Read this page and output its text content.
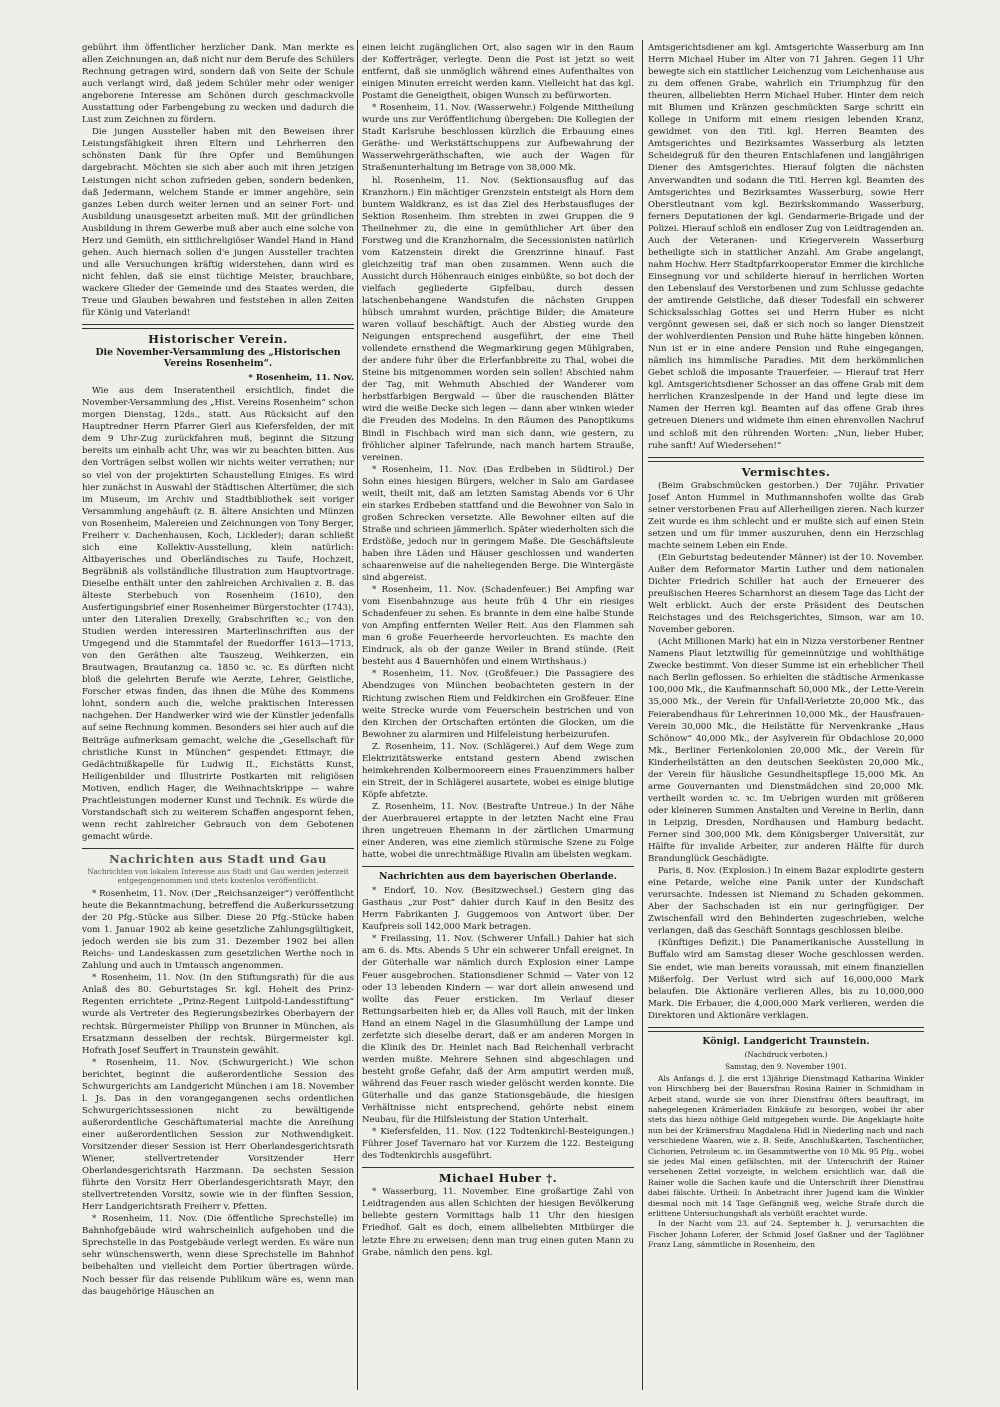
gebührt ihm öffentlicher herzlicher Dank. Man merkte es allen Zeichnungen an, daß nicht nur dem Berufe des Schülers Rechnung getragen wird, sondern daß von Seite der Schule auch verlangt wird, daß jedem Schüler mehr oder weniger angeborene Interesse am Schönen durch geschmackvolle Ausstattung oder Farbengebung zu wecken und dadurch die Lust zum Zeichnen zu fördern.

Die jungen Aussteller haben mit den Beweisen ihrer Leistungsfähigkeit ihren Eltern und Lehrherren den schönsten Dank für ihre Opfer und Bemühungen dargebracht. Möchten sie sich aber auch mit ihren jetzigen Leistungen nicht schon zufrieden geben, sondern bedenken, daß Jedermann, welchem Stande er immer angehöre, sein ganzes Leben durch weiter lernen und an seiner Fort- und Ausbildung unausgesetzt arbeiten muß. Mit der gründlichen Ausbildung in ihrem Gewerbe muß aber auch eine solche von Herz und Gemüth, ein sittlichreligiöser Wandel Hand in Hand gehen. Auch hiernach sollen d'e jungen Aussteller trachten und alle Versuchungen kräftig widerstehen, dann wird es nicht fehlen, daß sie einst tüchtige Meister, brauchbare, wackere Glieder der Gemeinde und des Staates werden, die Treue und Glauben bewahren und feststehen in allen Zeiten für König und Vaterland!

Historischer Verein.
Die November-Versammlung des „Historischen Vereins Rosenheim“.
* Rosenheim, 11. Nov.

Wie aus dem Inseratentheil ersichtlich, findet die November-Versammlung des „Hist. Vereins Rosenheim“ schon morgen Dienstag, 12ds., statt. Aus Rücksicht auf den Hauptredner Herrn Pfarrer Gierl aus Kiefersfelden, der mit dem 9 Uhr-Zug zurückfahren muß, beginnt die Sitzung bereits um einhalb acht Uhr, was wir zu beachten bitten. Aus den Vorträgen selbst wollen wir nichts weiter verrathen; nur so viel von der projektirten Schaustellung Einiges. Es wird hier zunächst in Auswahl der Städtischen Altertümer, die sich im Museum, im Archiv und Stadtbibliothek seit voriger Versammlung angehäuft (z. B. ältere Ansichten und Münzen von Rosenheim, Malereien und Zeichnungen von Tony Berger, Freiherr v. Dachenhausen, Koch, Lickleder); daran schließt sich eine Kollektiv-Ausstellung, klein natürlich: Altbayerisches und Oberländisches zu Taufe, Hochzeit, Begräbniß als vollständliche Illustration zum Hauptvortrage. Dieselbe enthält unter den zahlreichen Archivalien z. B. das älteste Sterbebuch von Rosenheim (1610), den Ausfertigungsbrief einer Rosenheimer Bürgerstochter (1743), unter den Literalien Drexelly, Grabschriften ꝛc.; von den Studien werden interessiren Marterlinschriften aus der Umgegend und die Stammtafel der Ruedorffer 1613—1713, von den Geräthen alte Tauszeug, Weihkerzen, ein Brautwagen, Brautanzug ca. 1850 ꝛc. ꝛc. Es dürften nicht bloß die gelehrten Berufe wie Aerzte, Lehrer, Geistliche, Forscher etwas finden, das ihnen die Mühe des Kommens lohnt, sondern auch die, welche praktischen Interessen nachgehen. Der Handwerker wird wie der Künstler jedenfalls auf seine Rechnung kommen. Besonders sei hier auch auf die Beiträge aufmerksam gemacht, welche die „Gesellschaft für christliche Kunst in München“ gespendet: Ettmayr, die Gedächtnißkapelle für Ludwig II., Eichstätts Kunst, Heiligenbilder und Illustrirte Postkarten mit religiösen Motiven, endlich Hager, die Weihnachtskrippe — wahre Prachtleistungen moderner Kunst und Technik. Es würde die Vorstandschaft sich zu weiterem Schaffen angespornt fehen, wenn recht zahlreicher Gebrauch von dem Gebotenen gemacht würde.

Nachrichten aus Stadt und Gau
Nachrichten von lokalem Interesse aus Stadt und Gau werden jederzeit entgegengenommen und stets kostenlos veröffentlicht.

* Rosenheim, 11. Nov. (Der „Reichsanzeiger“) veröffentlicht heute die Bekanntmachung, betreffend die Außerkurssetzung der 20 Pfg.-Stücke aus Silber. Diese 20 Pfg.-Stücke haben vom 1. Januar 1902 ab keine gesetzliche Zahlungsgültigkeit, jedoch werden sie bis zum 31. Dezember 1902 bei allen Reichs- und Landeskassen zum gesetzlichen Werthe noch in Zahlung und auch in Umtausch angenommen.

* Rosenheim, 11. Nov. (In den Stiftungsrath) für die aus Anlaß des 80. Geburtstages Sr. kgl. Hoheit des Prinz-Regenten errichtete „Prinz-Regent Luitpold-Landesstiftung“ wurde als Vertreter des Regierungsbezirkes Oberbayern der rechtsk. Bürgermeister Philipp von Brunner in München, als Ersatzmann desselben der rechtsk. Bürgermeister kgl. Hofrath Josef Seuffert in Traunstein gewählt.

* Rosenheim, 11. Nov. (Schwurgericht.) Wie schon berichtet, beginnt die außerordentliche Session des Schwurgerichts am Landgericht München i am 18. November l. Js. Das in den vorangegangenen sechs ordentlichen Schwurgerichtssessionen nicht zu bewältigende außerordentliche Geschäftsmaterial machte die Anreihung einer außerordentlichen Session zur Nothwendigkeit. Vorsitzender dieser Session ist Herr Oberlandesgerichtsrath Wiener, stellvertretender Vorsitzender Herr Oberlandesgerichtsrath Harzmann. Da sechsten Session führte den Vorsitz Herr Oberlandesgerichtsrath Mayr, den stellvertretenden Vorsitz, sowie wie in der fünften Session, Herr Landgerichtsrath Freiherr v. Pfetten.

* Rosenheim, 11. Nov. (Die öffentliche Sprechstelle) im Bahnhofgebäude wird wahrscheinlich aufgehoben und die Sprechstelle in das Postgebäude verlegt werden. Es wäre nun sehr wünschenswerth, wenn diese Sprechstelle im Bahnhof beibehalten und vielleicht dem Portier übertragen würde. Noch besser für das reisende Publikum wäre es, wenn man das baugehörige Häuschen an

einen leicht zugänglichen Ort, also sagen wir in den Raum der Kofferträger, verlegte. Denn die Post ist jetzt so weit entfernt, daß sie unmöglich während eines Aufenthaltes von einigen Minuten erreicht werden kann. Vielleicht hat das kgl. Postamt die Geneigtheit, obigen Wunsch zu befürworten.

* Rosenheim, 11. Nov. (Wasserwehr.) Folgende Mittheilung wurde uns zur Veröffentlichung übergeben: Die Kollegien der Stadt Karlsruhe beschlossen kürzlich die Erbauung eines Geräthe- und Werkstättschuppens zur Aufbewahrung der Wasserwehrgeräthschaften, wie auch der Wagen für Straßenunterhaltung im Betrage von 38,000 Mk.

hl. Rosenheim, 11. Nov. (Sektionsausflug auf das Kranzhorn.) Ein mächtiger Grenzstein entsteigt als Horn dem buntem Waldkranz, es ist das Ziel des Herbstausfluges der Sektion Rosenheim. Ihm strebten in zwei Gruppen die 9 Theilnehmer zu, die eine in gemüthlicher Art über den Forstweg und die Kranzhornalm, die Secessionisten natürlich vom Katzenstein direkt die Grenzrinne hinauf. Fast gleichzeitig traf man oben zusammen. Wenn auch die Aussicht durch Höhenrauch einiges einbüßte, so bot doch der vielfach gegliederte Gipfelbau, durch dessen latschenbehangene Wandstufen die nächsten Gruppen hübsch umrahmt wurden, prächtige Bilder; die Amateure waren vollauf beschäftigt. Auch der Abstieg wurde den Neigungen entsprechend ausgeführt, der eine Theil vollendete ernsthend die Wegmarkirung gegen Mühlgraben, der andere fuhr über die Erlerfanbbreite zu Thal, wobei die Steine bis mitgenommen worden sein sollen! Abschied nahm der Tag, mit Wehmuth Abschied der Wanderer vom herbstfarbigen Bergwald — über die rauschenden Blätter wird die weiße Decke sich legen — dann aber winken wieder die Freuden des Modelns. In den Räumen des Panoptikums Bindl in Fischbach wird man sich dann, wie gestern, zu fröhlicher alpiner Tafelrunde, nach manch hartem Strauße, vereinen.

* Rosenheim, 11. Nov. (Das Erdbeben in Südtirol.) Der Sohn eines hiesigen Bürgers, welcher in Salo am Gardasee weilt, theilt mit, daß am letzten Samstag Abends vor 6 Uhr ein starkes Erdbeben stattfand und die Bewohner von Salo in großen Schrecken versetzte. Alle Bewohner eilten auf die Straße und schrieen jämmerlich. Später wiederholten sich die Erdstöße, jedoch nur in geringem Maße. Die Geschäftsleute haben ihre Läden und Häuser geschlossen und wanderten schaarenweise auf die naheliegenden Berge. Die Wintergäste sind abgereist.

* Rosenheim, 11. Nov. (Schadenfeuer.) Bei Ampfing war vom Eisenbahnzuge aus heute früh 4 Uhr ein riesiges Schadenfeuer zu sehen. Es brannte in dem eine halbe Stunde von Ampfing entfernten Weiler Reit. Aus den Flammen sah man 6 große Feuerheerde hervorleuchten. Es machte den Eindruck, als ob der ganze Weiler in Brand stünde. (Reit besteht aus 4 Bauernhöfen und einem Wirthshaus.)

* Rosenheim, 11. Nov. (Großfeuer.) Die Passagiere des Abendzuges von München beobachteten gestern in der Richtung zwischen Riem und Feldkirchen ein Großfeuer. Eine weite Strecke wurde vom Feuerschein bestrichen und von den Kirchen der Ortschaften ertönten die Glocken, um die Bewohner zu alarmiren und Hilfeleistung herbeizurufen.

Z. Rosenheim, 11. Nov. (Schlägerei.) Auf dem Wege zum Elektrizitätswerke entstand gestern Abend zwischen heimkehrenden Kolbermooreern eines Frauenzimmers halber ein Streit, der in Schlägerei ausartete, wobei es einige blutige Köpfe abfetzte.

Z. Rosenheim, 11. Nov. (Bestrafte Untreue.) In der Nähe der Auerbrauerei ertappte in der letzten Nacht eine Frau ihren ungetreuen Ehemann in der zärtlichen Umarmung einer Anderen, was eine ziemlich stürmische Szene zu Folge hatte, wobei die unrechtmäßige Rivalin am übelsten wegkam.

Nachrichten aus dem bayerischen Oberlande.

* Endorf, 10. Nov. (Besitzwechsel.) Gestern ging das Gasthaus „zur Post“ dahier durch Kauf in den Besitz des Herrn Fabrikanten J. Guggemoos von Antwort über. Der Kaufpreis soll 142,000 Mark betragen.

* Freilassing, 11. Nov. (Schwerer Unfall.) Dahier hat sich am 6. ds. Mts. Abends 5 Uhr ein schwerer Unfall ereignet. In der Güterhalle war nämlich durch Explosion einer Lampe Feuer ausgebrochen. Stationsdiener Schmid — Vater von 12 oder 13 lebenden Kindern — war dort allein anwesend und wollte das Feuer ersticken. Im Verlauf dieser Rettungsarbeiten hieb er, da Alles voll Rauch, mit der linken Hand an einem Nagel in die Glasumhüllung der Lampe und zerfetzte sich dieselbe derart, daß er am anderen Morgen in die Klinik des Dr. Heinlet nach Bad Reichenhall verbracht werden mußte. Mehrere Sehnen sind abgeschlagen und besteht große Gefahr, daß der Arm amputirt werden muß, während das Feuer rasch wieder gelöscht werden konnte. Die Güterhalle und das ganze Stationsgebäude, die hiesigen Verhältnisse nicht entsprechend, gehörte nebst einem Neubau, für die Hilfsleistung der Station Unterhalt.

* Kiefersfelden, 11. Nov. (122 Todtenkirchl-Besteigungen.) Führer Josef Tavernaro hat vor Kurzem die 122. Besteigung des Todtenkirchls ausgeführt.

Michael Huber †.

* Wasserburg, 11. November. Eine großartige Zahl von Leidtragenden aus allen Schichten der hiesigen Bevölkerung beliebte gestern Vormittags halb 11 Uhr den hiesigen Friedhof. Galt es doch, einem allbeliebten Mitbürger die letzte Ehre zu erweisen; denn man trug einen guten Mann zu Grabe, nämlich den pens. kgl.

Amtsgerichtsdiener am kgl. Amtsgerichte Wasserburg am Inn Herrn Michael Huber im Alter von 71 Jahren. Gegen 11 Uhr bewegte sich ein stattlicher Leichenzug vom Leichenhause aus zu dem offenen Grabe, wahrlich ein Triumphzug für den theuren, allbeliebten Herrn Michael Huber. Hinter dem reich mit Blumen und Kränzen geschmückten Sarge schritt ein Kollege in Uniform mit einem riesigen lebenden Kranz, gewidmet von den Titl. kgl. Herren Beamten des Amtsgerichtes und Bezirksamtes Wasserburg als letzten Scheidegruß für den theuren Entschlafenen und langjährigen Diener des Amtsgerichtes. Hierauf folgten die nächsten Anverwandten und sodann die Titl. Herren kgl. Beamten des Amtsgerichtes und Bezirksamtes Wasserburg, sowie Herr Oberstleutnant vom kgl. Bezirkskommando Wasserburg, ferners Deputationen der kgl. Gendarmerie-Brigade und der Polizei. Hierauf schloß ein endloser Zug von Leidtragenden an. Auch der Veteranen- und Kriegerverein Wasserburg betheiligte sich in stattlicher Anzahl. Am Grabe angelangt, nahm Hochw. Herr Stadtpfarrkooperator Emmer die kirchliche Einsegnung vor und schilderte hierauf in herrlichen Worten den Lebenslauf des Verstorbenen und zum Schlusse gedachte der amtirende Geistliche, daß dieser Todesfall ein schwerer Schicksalsschlag Gottes sei und Herrn Huber es nicht vergönnt gewesen sei, daß er sich noch so langer Dienstzeit der wohlverdienten Pension und Ruhe hätte hingeben können. Nun ist er in eine andere Pension und Ruhe eingegangen, nämlich ins himmlische Paradies. Mit dem herkömmlichen Gebet schloß die imposante Trauerfeier. — Hierauf trat Herr kgl. Amtsgerichtsdiener Schosser an das offene Grab mit dem herrlichen Kranzeslpende in der Hand und legte diese im Namen der Herren kgl. Beamten auf das offene Grab ihres getreuen Dieners und widmete ihm einen ehrenvollen Nachruf und schloß mit den rührenden Worten: „Nun, lieber Huber, ruhe sanft! Auf Wiedersehen!“

Vermischtes.

(Beim Grabschmücken gestorben.) Der 70jähr. Privatier Josef Anton Hummel in Muthmannshofen wollte das Grab seiner verstorbenen Frau auf Allerheiligen zieren. Nach kurzer Zeit wurde es ihm schlecht und er mußte sich auf einen Stein setzen und um für immer auszuruhen, denn ein Herzschlag machte seinem Leben ein Ende.

(Ein Geburtstag bedeutender Männer) ist der 10. November. Außer dem Reformator Martin Luther und dem nationalen Dichter Friedrich Schiller hat auch der Erneuerer des preußischen Heeres Scharnhorst an diesem Tage das Licht der Welt erblickt. Auch der erste Präsident des Deutschen Reichstages und des Reichsgerichtes, Simson, war am 10. November geboren.

(Acht Millionen Mark) hat ein in Nizza verstorbener Rentner Namens Plaut letztwillig für gemeinnützige und wohlthätige Zwecke bestimmt. Von dieser Summe ist ein erheblicher Theil nach Berlin geflossen. So erhielten die städtische Armenkasse 100,000 Mk., die Kaufmannschaft 50,000 Mk., der Lette-Verein 35,000 Mk., der Verein für Unfall-Verletzte 20,000 Mk., das Feierabendhaus für Lehrerinnen 10,000 Mk., der Hausfrauen-Verein 30,000 Mk., die Heilstätte für Nervenkranke „Haus Schönow“ 40,000 Mk., der Asylverein für Obdachlose 20,000 Mk., Berliner Ferienkolonien 20,000 Mk., der Verein für Kinderheilstätten an den deutschen Seeküsten 20,000 Mk., der Verein für häusliche Gesundheitspflege 15,000 Mk. An arme Gouvernanten und Dienstmädchen sind 20,000 Mk. vertheilt worden ꝛc. ꝛc. Im Uebrigen wurden mit größeren oder kleineren Summen Anstalten und Vereine in Berlin, dann in Leipzig, Dresden, Nordhausen und Hamburg bedacht. Ferner sind 300,000 Mk. dem Königsberger Universität, zur Hälfte für invalide Arbeiter, zur anderen Hälfte für durch Brandunglück Geschädigte.

Paris, 8. Nov. (Explosion.) In einem Bazar explodirte gestern eine Petarde, welche eine Panik unter der Kundschaft verursachte. Indessen ist Niemand zu Schaden gekommen. Aber der Sachschaden ist ein nur geringfügiger. Der Zwischenfall wird den Behinderten zugeschrieben, welche verlangen, daß das Geschäft Sonntags geschlossen bleibe.

(Künftiges Defizit.) Die Panamerikanische Ausstellung in Buffalo wird am Samstag dieser Woche geschlossen werden. Sie endet, wie man bereits voraussah, mit einem finanziellen Mißerfolg. Der Verlust wird sich auf 16,000,000 Mark belaufen. Die Aktionäre verlieren Alles, bis zu 10,000,000 Mark. Die Erbauer, die 4,000,000 Mark verlieren, werden die Direktoren und Aktionäre verklagen.

Königl. Landgericht Traunstein.
(Nachdruck verboten.)
Samstag, den 9. November 1901.

Als Anfangs d. J. die erst 13jährige Dienstmagd Katharina Winkler von Hirschberg bei der Bauersfrau Rosina Rainer in Schmidham in Arbeit stand, wurde sie von ihrer Dienstfrau öfters beauftragt, im nahegelegenen Krämerladen Einkäufe zu besorgen, wobei ihr aber stets das hiezu nöthige Geld mitgegeben wurde. Die Angeklagte holte nun bei der Krämersfrau Magdalena Hidl in Niederling nach und nach verschiedene Waaren, wie z. B. Seife, Anschlußkarten, Taschentücher, Cichorien, Petroleum ꝛc. im Gesammtwerthe von 10 Mk. 95 Pfg., wobei sie jedes Mal einen gefälschten, mit der Unterschrift der Rainer versehenen Zettel vorzeigte, in welchem ersichtlich war, daß die Rainer wolle die Sachen kaufe und die Unterschrift ihrer Dienstfrau dabei fälschte. Urtheil: In Anbetracht ihrer Jugend kam die Winkler diesmal noch mit 14 Tage Gefängniß weg, welche Strafe durch die erlittene Untersuchungshaft als verbüßt erachtet wurde.

In der Nacht vom 23. auf 24. September h. J. verursachten die Fischer Johann Loferer, der Schmid Josef Gaßner und der Taglöhner Franz Lang, sämmtliche in Rosenheim, den
